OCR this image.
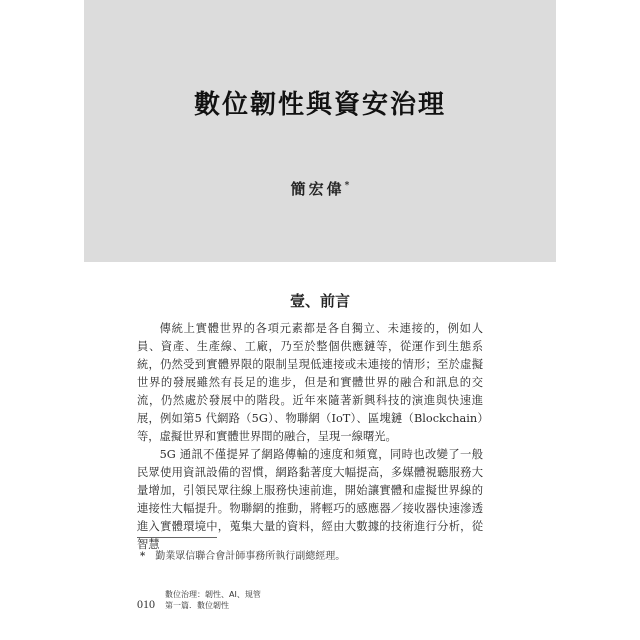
數位韌性與資安治理
簡宏偉*
壹、前言

傳統上實體世界的各項元素都是各自獨立、未連接的，例如人員、資產、生產線、工廠，乃至於整個供應鏈等，從運作到生態系統，仍然受到實體界限的限制呈現低連接或未連接的情形；至於虛擬世界的發展雖然有長足的進步，但是和實體世界的融合和訊息的交流，仍然處於發展中的階段。近年來隨著新興科技的演進與快速進展，例如第5 代網路（5G）、物聯網（IoT）、區塊鏈（Blockchain）等，虛擬世界和實體世界間的融合，呈現一線曙光。

5G 通訊不僅提昇了網路傳輸的速度和頻寬，同時也改變了一般民眾使用資訊設備的習慣，網路黏著度大幅提高，多媒體視聽服務大量增加，引領民眾往線上服務快速前進，開始讓實體和虛擬世界線的連接性大幅提升。物聯網的推動，將輕巧的感應器／接收器快速滲透進入實體環境中，蒐集大量的資料，經由大數據的技術進行分析，從智慧

* 勤業眾信聯合會計師事務所執行副總經理。
010
數位治理：韌性、AI、規管
第一篇．數位韌性
